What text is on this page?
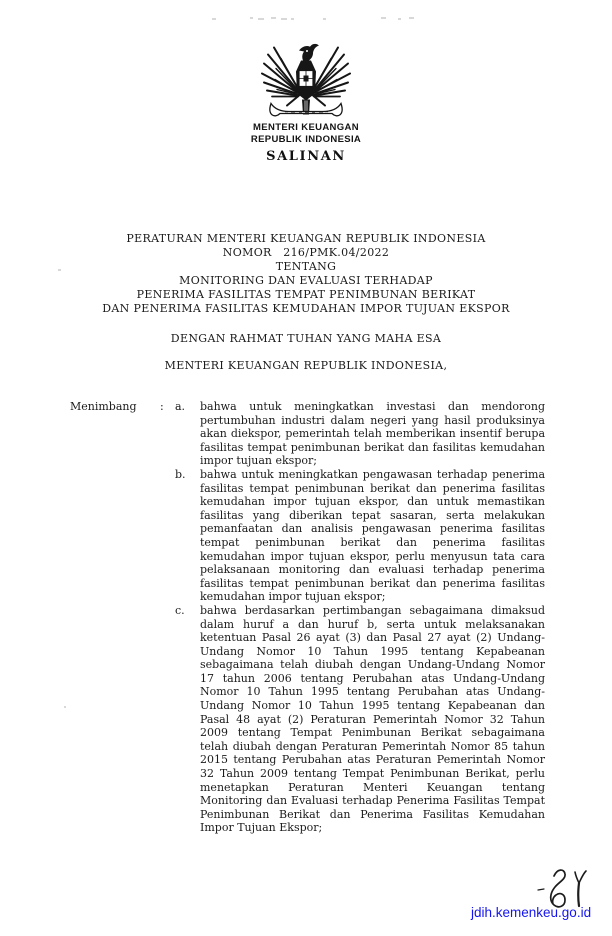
MENTERI KEUANGAN
REPUBLIK INDONESIA
SALINAN
PERATURAN MENTERI KEUANGAN REPUBLIK INDONESIA
NOMOR   216/PMK.04/2022
TENTANG
MONITORING DAN EVALUASI TERHADAP
PENERIMA FASILITAS TEMPAT PENIMBUNAN BERIKAT
DAN PENERIMA FASILITAS KEMUDAHAN IMPOR TUJUAN EKSPOR
DENGAN RAHMAT TUHAN YANG MAHA ESA
MENTERI KEUANGAN REPUBLIK INDONESIA,
Menimbang : a.	bahwa untuk meningkatkan investasi dan mendorong pertumbuhan industri dalam negeri yang hasil produksinya akan diekspor, pemerintah telah memberikan insentif berupa fasilitas tempat penimbunan berikat dan fasilitas kemudahan impor tujuan ekspor;

b.	bahwa untuk meningkatkan pengawasan terhadap penerima fasilitas tempat penimbunan berikat dan penerima fasilitas kemudahan impor tujuan ekspor, dan untuk memastikan fasilitas yang diberikan tepat sasaran, serta melakukan pemanfaatan dan analisis pengawasan penerima fasilitas tempat penimbunan berikat dan penerima fasilitas kemudahan impor tujuan ekspor, perlu menyusun tata cara pelaksanaan monitoring dan evaluasi terhadap penerima fasilitas tempat penimbunan berikat dan penerima fasilitas kemudahan impor tujuan ekspor;

c.	bahwa berdasarkan pertimbangan sebagaimana dimaksud dalam huruf a dan huruf b, serta untuk melaksanakan ketentuan Pasal 26 ayat (3) dan Pasal 27 ayat (2) Undang-Undang Nomor 10 Tahun 1995 tentang Kepabeanan sebagaimana telah diubah dengan Undang-Undang Nomor 17 tahun 2006 tentang Perubahan atas Undang-Undang Nomor 10 Tahun 1995 tentang Perubahan atas Undang-Undang Nomor 10 Tahun 1995 tentang Kepabeanan dan Pasal 48 ayat (2) Peraturan Pemerintah Nomor 32 Tahun 2009 tentang Tempat Penimbunan Berikat sebagaimana telah diubah dengan Peraturan Pemerintah Nomor 85 tahun 2015 tentang Perubahan atas Peraturan Pemerintah Nomor 32 Tahun 2009 tentang Tempat Penimbunan Berikat, perlu menetapkan Peraturan Menteri Keuangan tentang Monitoring dan Evaluasi terhadap Penerima Fasilitas Tempat Penimbunan Berikat dan Penerima Fasilitas Kemudahan Impor Tujuan Ekspor;

jdih.kemenkeu.go.id
